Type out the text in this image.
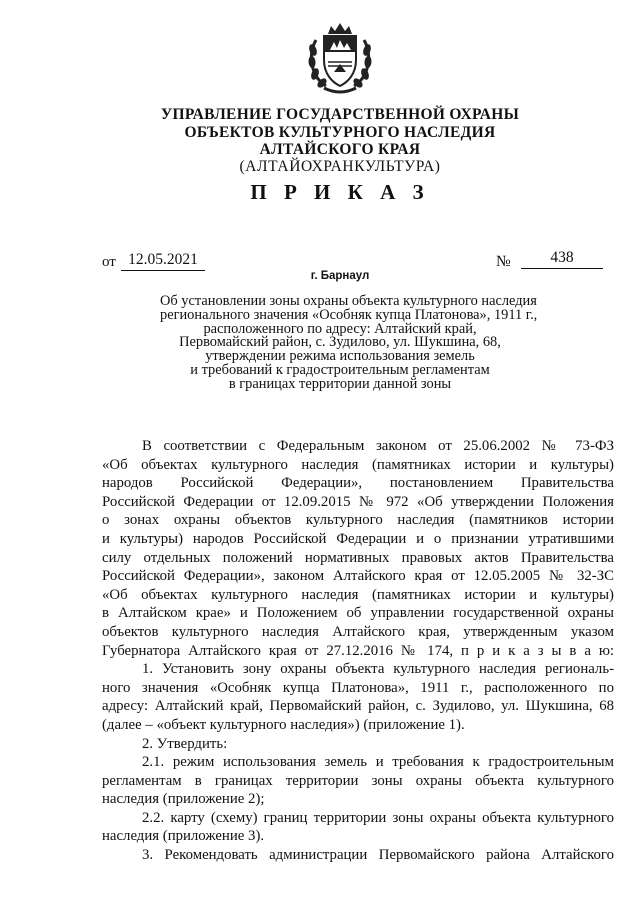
УПРАВЛЕНИЕ ГОСУДАРСТВЕННОЙ ОХРАНЫ
ОБЪЕКТОВ КУЛЬТУРНОГО НАСЛЕДИЯ
АЛТАЙСКОГО КРАЯ
(АЛТАЙОХРАНКУЛЬТУРА)
П Р И К А З
от 12.05.2021	№	438
г. Барнаул
Об установлении зоны охраны объекта культурного наследия
регионального значения «Особняк купца Платонова», 1911 г.,
расположенного по адресу: Алтайский край,
Первомайский район, с. Зудилово, ул. Шукшина, 68,
утверждении режима использования земель
и требований к градостроительным регламентам
в границах территории данной зоны
В соответствии с Федеральным законом от 25.06.2002 № 73-ФЗ
«Об объектах культурного наследия (памятниках истории и культуры)
народов Российской Федерации», постановлением Правительства
Российской Федерации от 12.09.2015 № 972 «Об утверждении Положения
о зонах охраны объектов культурного наследия (памятников истории
и культуры) народов Российской Федерации и о признании утратившими
силу отдельных положений нормативных правовых актов Правительства
Российской Федерации», законом Алтайского края от 12.05.2005 № 32-ЗС
«Об объектах культурного наследия (памятниках истории и культуры)
в Алтайском крае» и Положением об управлении государственной охраны
объектов культурного наследия Алтайского края, утвержденным указом
Губернатора Алтайского края от 27.12.2016 № 174, п р и к а з ы в а ю:
1. Установить зону охраны объекта культурного наследия региональ-
ного значения «Особняк купца Платонова», 1911 г., расположенного по
адресу: Алтайский край, Первомайский район, с. Зудилово, ул. Шукшина, 68
(далее – «объект культурного наследия») (приложение 1).
2. Утвердить:
2.1. режим использования земель и требования к градостроительным
регламентам в границах территории зоны охраны объекта культурного
наследия (приложение 2);
2.2. карту (схему) границ территории зоны охраны объекта культурного
наследия (приложение 3).
3. Рекомендовать администрации Первомайского района Алтайского
